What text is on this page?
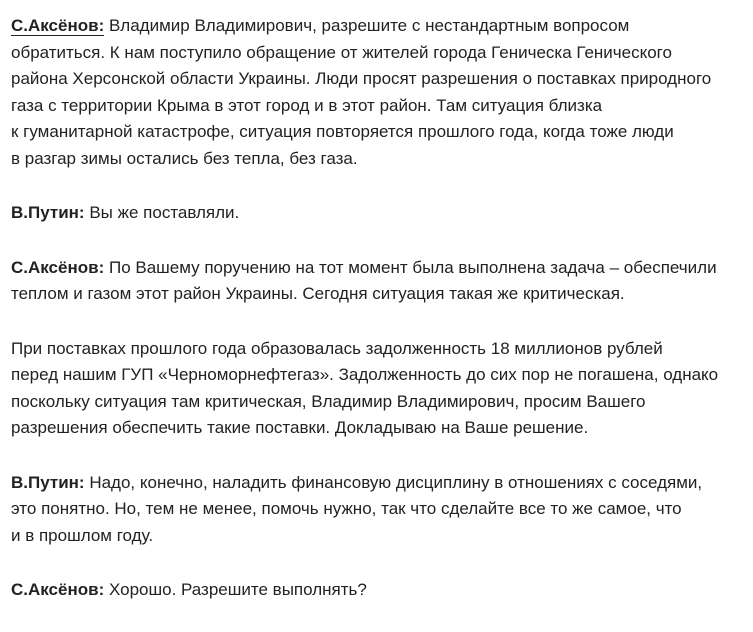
С.Аксёнов: Владимир Владимирович, разрешите с нестандартным вопросом
обратиться. К нам поступило обращение от жителей города Геническа Генического
района Херсонской области Украины. Люди просят разрешения о поставках природного
газа с территории Крыма в этот город и в этот район. Там ситуация близка
к гуманитарной катастрофе, ситуация повторяется прошлого года, когда тоже люди
в разгар зимы остались без тепла, без газа.

В.Путин: Вы же поставляли.

С.Аксёнов: По Вашему поручению на тот момент была выполнена задача – обеспечили
теплом и газом этот район Украины. Сегодня ситуация такая же критическая.

При поставках прошлого года образовалась задолженность 18 миллионов рублей
перед нашим ГУП «Черноморнефтегаз». Задолженность до сих пор не погашена, однако
поскольку ситуация там критическая, Владимир Владимирович, просим Вашего
разрешения обеспечить такие поставки. Докладываю на Ваше решение.

В.Путин: Надо, конечно, наладить финансовую дисциплину в отношениях с соседями,
это понятно. Но, тем не менее, помочь нужно, так что сделайте все то же самое, что
и в прошлом году.

С.Аксёнов: Хорошо. Разрешите выполнять?
